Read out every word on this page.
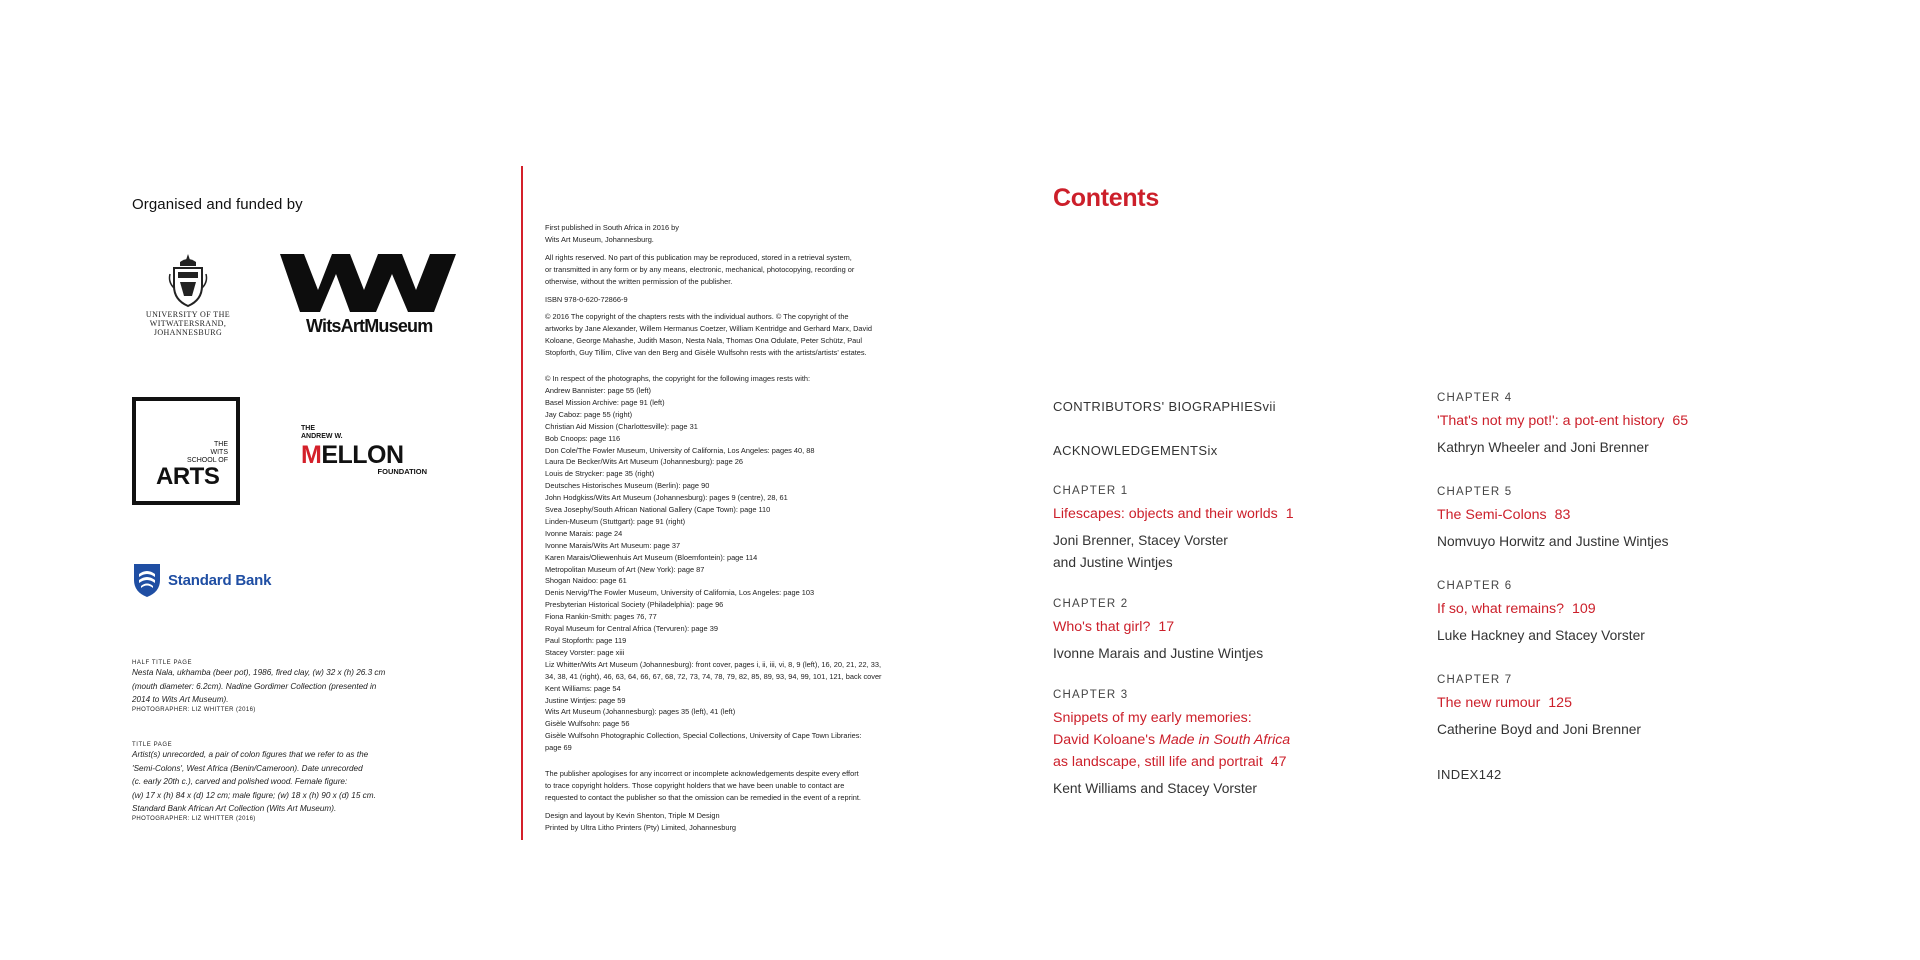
Organised and funded by
UNIVERSITY OF THE
WITWATERSRAND,
JOHANNESBURG	WitsArtMuseum
THE
WITS
SCHOOL OF
ARTS
THE
ANDREW W.
MELLON
FOUNDATION
Standard Bank
HALF TITLE PAGE
Nesta Nala, ukhamba (beer pot), 1986, fired clay, (w) 32 x (h) 26.3 cm
(mouth diameter: 6.2cm). Nadine Gordimer Collection (presented in
2014 to Wits Art Museum).
PHOTOGRAPHER: LIZ WHITTER (2016)
TITLE PAGE
Artist(s) unrecorded, a pair of colon figures that we refer to as the
'Semi-Colons', West Africa (Benin/Cameroon). Date unrecorded
(c. early 20th c.), carved and polished wood. Female figure:
(w) 17 x (h) 84 x (d) 12 cm; male figure; (w) 18 x (h) 90 x (d) 15 cm.
Standard Bank African Art Collection (Wits Art Museum).
PHOTOGRAPHER: LIZ WHITTER (2016)

First published in South Africa in 2016 by
Wits Art Museum, Johannesburg.

All rights reserved. No part of this publication may be reproduced, stored in a retrieval system,
or transmitted in any form or by any means, electronic, mechanical, photocopying, recording or
otherwise, without the written permission of the publisher.

ISBN 978-0-620-72866-9

© 2016 The copyright of the chapters rests with the individual authors. © The copyright of the
artworks by Jane Alexander, Willem Hermanus Coetzer, William Kentridge and Gerhard Marx, David
Koloane, George Mahashe, Judith Mason, Nesta Nala, Thomas Ona Odulate, Peter Schütz, Paul
Stopforth, Guy Tillim, Clive van den Berg and Gisèle Wulfsohn rests with the artists/artists' estates.

© In respect of the photographs, the copyright for the following images rests with:

Andrew Bannister: page 55 (left)
Basel Mission Archive: page 91 (left)
Jay Caboz: page 55 (right)
Christian Aid Mission (Charlottesville): page 31
Bob Cnoops: page 116
Don Cole/The Fowler Museum, University of California, Los Angeles: pages 40, 88
Laura De Becker/Wits Art Museum (Johannesburg): page 26
Louis de Strycker: page 35 (right)
Deutsches Historisches Museum (Berlin): page 90
John Hodgkiss/Wits Art Museum (Johannesburg): pages 9 (centre), 28, 61
Svea Josephy/South African National Gallery (Cape Town): page 110
Linden-Museum (Stuttgart): page 91 (right)
Ivonne Marais: page 24
Ivonne Marais/Wits Art Museum: page 37
Karen Marais/Oliewenhuis Art Museum (Bloemfontein): page 114
Metropolitan Museum of Art (New York): page 87
Shogan Naidoo: page 61
Denis Nervig/The Fowler Museum, University of California, Los Angeles: page 103
Presbyterian Historical Society (Philadelphia): page 96
Fiona Rankin-Smith: pages 76, 77
Royal Museum for Central Africa (Tervuren): page 39
Paul Stopforth: page 119
Stacey Vorster: page xiii
Liz Whitter/Wits Art Museum (Johannesburg): front cover, pages i, ii, iii, vi, 8, 9 (left), 16, 20, 21, 22, 33,
34, 38, 41 (right), 46, 63, 64, 66, 67, 68, 72, 73, 74, 78, 79, 82, 85, 89, 93, 94, 99, 101, 121, back cover
Kent Williams: page 54
Justine Wintjes: page 59
Wits Art Museum (Johannesburg): pages 35 (left), 41 (left)
Gisèle Wulfsohn: page 56
Gisèle Wulfsohn Photographic Collection, Special Collections, University of Cape Town Libraries:
page 69

The publisher apologises for any incorrect or incomplete acknowledgements despite every effort
to trace copyright holders. Those copyright holders that we have been unable to contact are
requested to contact the publisher so that the omission can be remedied in the event of a reprint.

Design and layout by Kevin Shenton, Triple M Design
Printed by Ultra Litho Printers (Pty) Limited, Johannesburg

Contents
CONTRIBUTORS' BIOGRAPHIESvii
ACKNOWLEDGEMENTSix
CHAPTER 1
Lifescapes: objects and their worlds 1
Joni Brenner, Stacey Vorster
and Justine Wintjes
CHAPTER 2
Who's that girl? 17
Ivonne Marais and Justine Wintjes
CHAPTER 3
Snippets of my early memories:
David Koloane's Made in South Africa
as landscape, still life and portrait 47
Kent Williams and Stacey Vorster
CHAPTER 4
'That's not my pot!': a pot-ent history 65
Kathryn Wheeler and Joni Brenner
CHAPTER 5
The Semi-Colons 83
Nomvuyo Horwitz and Justine Wintjes
CHAPTER 6
If so, what remains? 109
Luke Hackney and Stacey Vorster
CHAPTER 7
The new rumour 125
Catherine Boyd and Joni Brenner
INDEX142
